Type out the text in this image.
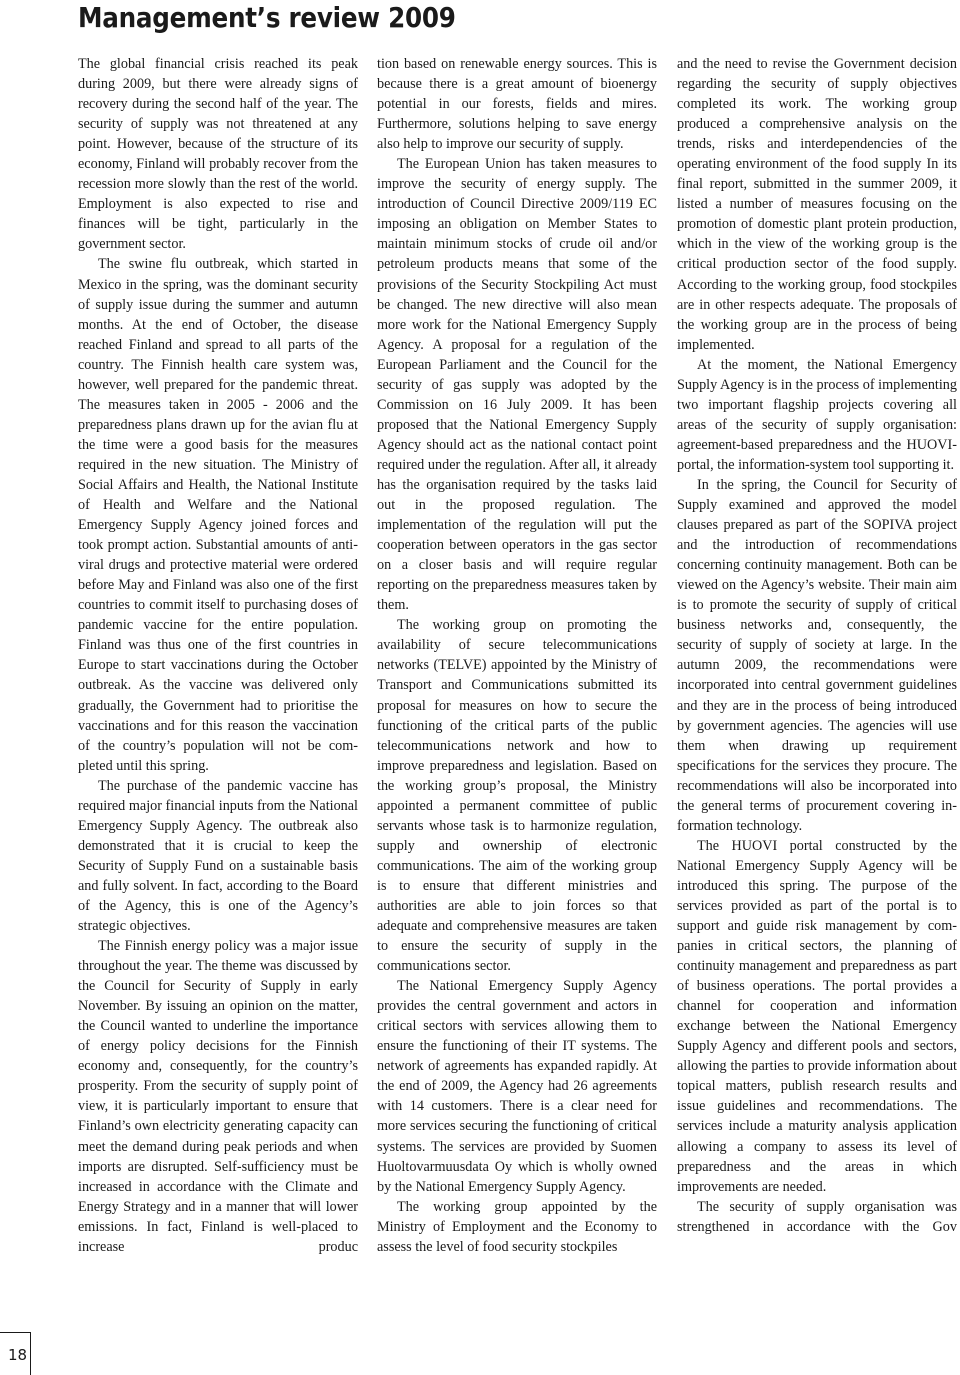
Management’s review 2009

The global financial crisis reached its peak during 2009, but there were already signs of recovery during the second half of the year. The security of supply was not threatened at any point. However, because of the structure of its economy, Finland will probably recover from the recession more slowly than the rest of the world. Employment is also expected to rise and finances will be tight, particularly in the government sector.

The swine flu outbreak, which started in Mexico in the spring, was the dominant security of supply issue during the summer and autumn months. At the end of October, the disease reached Finland and spread to all parts of the country. The Finnish health care system was, however, well prepared for the pandemic threat. The measures taken in 2005 - 2006 and the preparedness plans drawn up for the avian flu at the time were a good basis for the measures required in the new situation. The Ministry of Social Affairs and Health, the National Institute of Health and Welfare and the National Emergency Supply Agency joined forces and took prompt action. Substantial amounts of antiviral drugs and protective material were ordered before May and Finland was also one of the first countries to commit itself to purchasing doses of pandemic vaccine for the entire population. Finland was thus one of the first countries in Europe to start vaccinations during the October outbreak. As the vaccine was delivered only gradually, the Government had to prioritise the vaccinations and for this reason the vaccination of the country’s population will not be completed until this spring.

The purchase of the pandemic vaccine has required major financial inputs from the National Emergency Supply Agency. The outbreak also demonstrated that it is crucial to keep the Security of Supply Fund on a sustainable basis and fully solvent. In fact, according to the Board of the Agency, this is one of the Agency’s strategic objectives.

The Finnish energy policy was a major issue throughout the year. The theme was discussed by the Council for Security of Supply in early November. By issuing an opinion on the matter, the Council wanted to underline the importance of energy policy decisions for the Finnish economy and, consequently, for the country’s prosperity. From the security of supply point of view, it is particularly important to ensure that Finland’s own electricity generating capacity can meet the demand during peak periods and when imports are disrupted. Self-sufficiency must be increased in accordance with the Climate and Energy Strategy and in a manner that will lower emissions. In fact, Finland is well-placed to increase produc

tion based on renewable energy sources. This is because there is a great amount of bioenergy potential in our forests, fields and mires. Furthermore, solutions helping to save energy also help to improve our security of supply.

The European Union has taken measures to improve the security of energy supply. The introduction of Council Directive 2009/119 EC imposing an obligation on Member States to maintain minimum stocks of crude oil and/or petroleum products means that some of the provisions of the Security Stockpiling Act must be changed. The new directive will also mean more work for the National Emergency Supply Agency. A proposal for a regulation of the European Parliament and the Council for the security of gas supply was adopted by the Commission on 16 July 2009. It has been proposed that the National Emergency Supply Agency should act as the national contact point required under the regulation. After all, it already has the organisation required by the tasks laid out in the proposed regulation. The implementation of the regulation will put the cooperation between operators in the gas sector on a closer basis and will require regular reporting on the preparedness measures taken by them.

The working group on promoting the availability of secure telecommunications networks (TELVE) appointed by the Ministry of Transport and Communications submitted its proposal for measures on how to secure the functioning of the critical parts of the public telecommunications network and how to improve preparedness and legislation. Based on the working group’s proposal, the Ministry appointed a permanent committee of public servants whose task is to harmonize regulation, supply and ownership of electronic communications. The aim of the working group is to ensure that different ministries and authorities are able to join forces so that adequate and comprehensive measures are taken to ensure the security of supply in the communications sector.

The National Emergency Supply Agency provides the central government and actors in critical sectors with services allowing them to ensure the functioning of their IT systems. The network of agreements has expanded rapidly. At the end of 2009, the Agency had 26 agreements with 14 customers. There is a clear need for more services securing the functioning of critical systems. The services are provided by Suomen Huoltovarmuusdata Oy which is wholly owned by the National Emergency Supply Agency.

The working group appointed by the Ministry of Employment and the Economy to assess the level of food security stockpiles

and the need to revise the Government decision regarding the security of supply objectives completed its work. The working group produced a comprehensive analysis on the trends, risks and interdependencies of the operating environment of the food supply In its final report, submitted in the summer 2009, it listed a number of measures focusing on the promotion of domestic plant protein production, which in the view of the working group is the critical production sector of the food supply. According to the working group, food stockpiles are in other respects adequate. The proposals of the working group are in the process of being implemented.

At the moment, the National Emergency Supply Agency is in the process of implementing two important flagship projects covering all areas of the security of supply organisation: agreement-based preparedness and the HUOVI-portal, the information-system tool supporting it.

In the spring, the Council for Security of Supply examined and approved the model clauses prepared as part of the SOPIVA project and the introduction of recommendations concerning continuity management. Both can be viewed on the Agency’s website. Their main aim is to promote the security of supply of critical business networks and, consequently, the security of supply of society at large. In the autumn 2009, the recommendations were incorporated into central government guidelines and they are in the process of being introduced by government agencies. The agencies will use them when drawing up requirement specifications for the services they procure. The recommendations will also be incorporated into the general terms of procurement covering information technology.

The HUOVI portal constructed by the National Emergency Supply Agency will be introduced this spring. The purpose of the services provided as part of the portal is to support and guide risk management by companies in critical sectors, the planning of continuity management and preparedness as part of business operations. The portal provides a channel for cooperation and information exchange between the National Emergency Supply Agency and different pools and sectors, allowing the parties to provide information about topical matters, publish research results and issue guidelines and recommendations. The services include a maturity analysis application allowing a company to assess its level of preparedness and the areas in which improvements are needed.

The security of supply organisation was strengthened in accordance with the Gov

18
